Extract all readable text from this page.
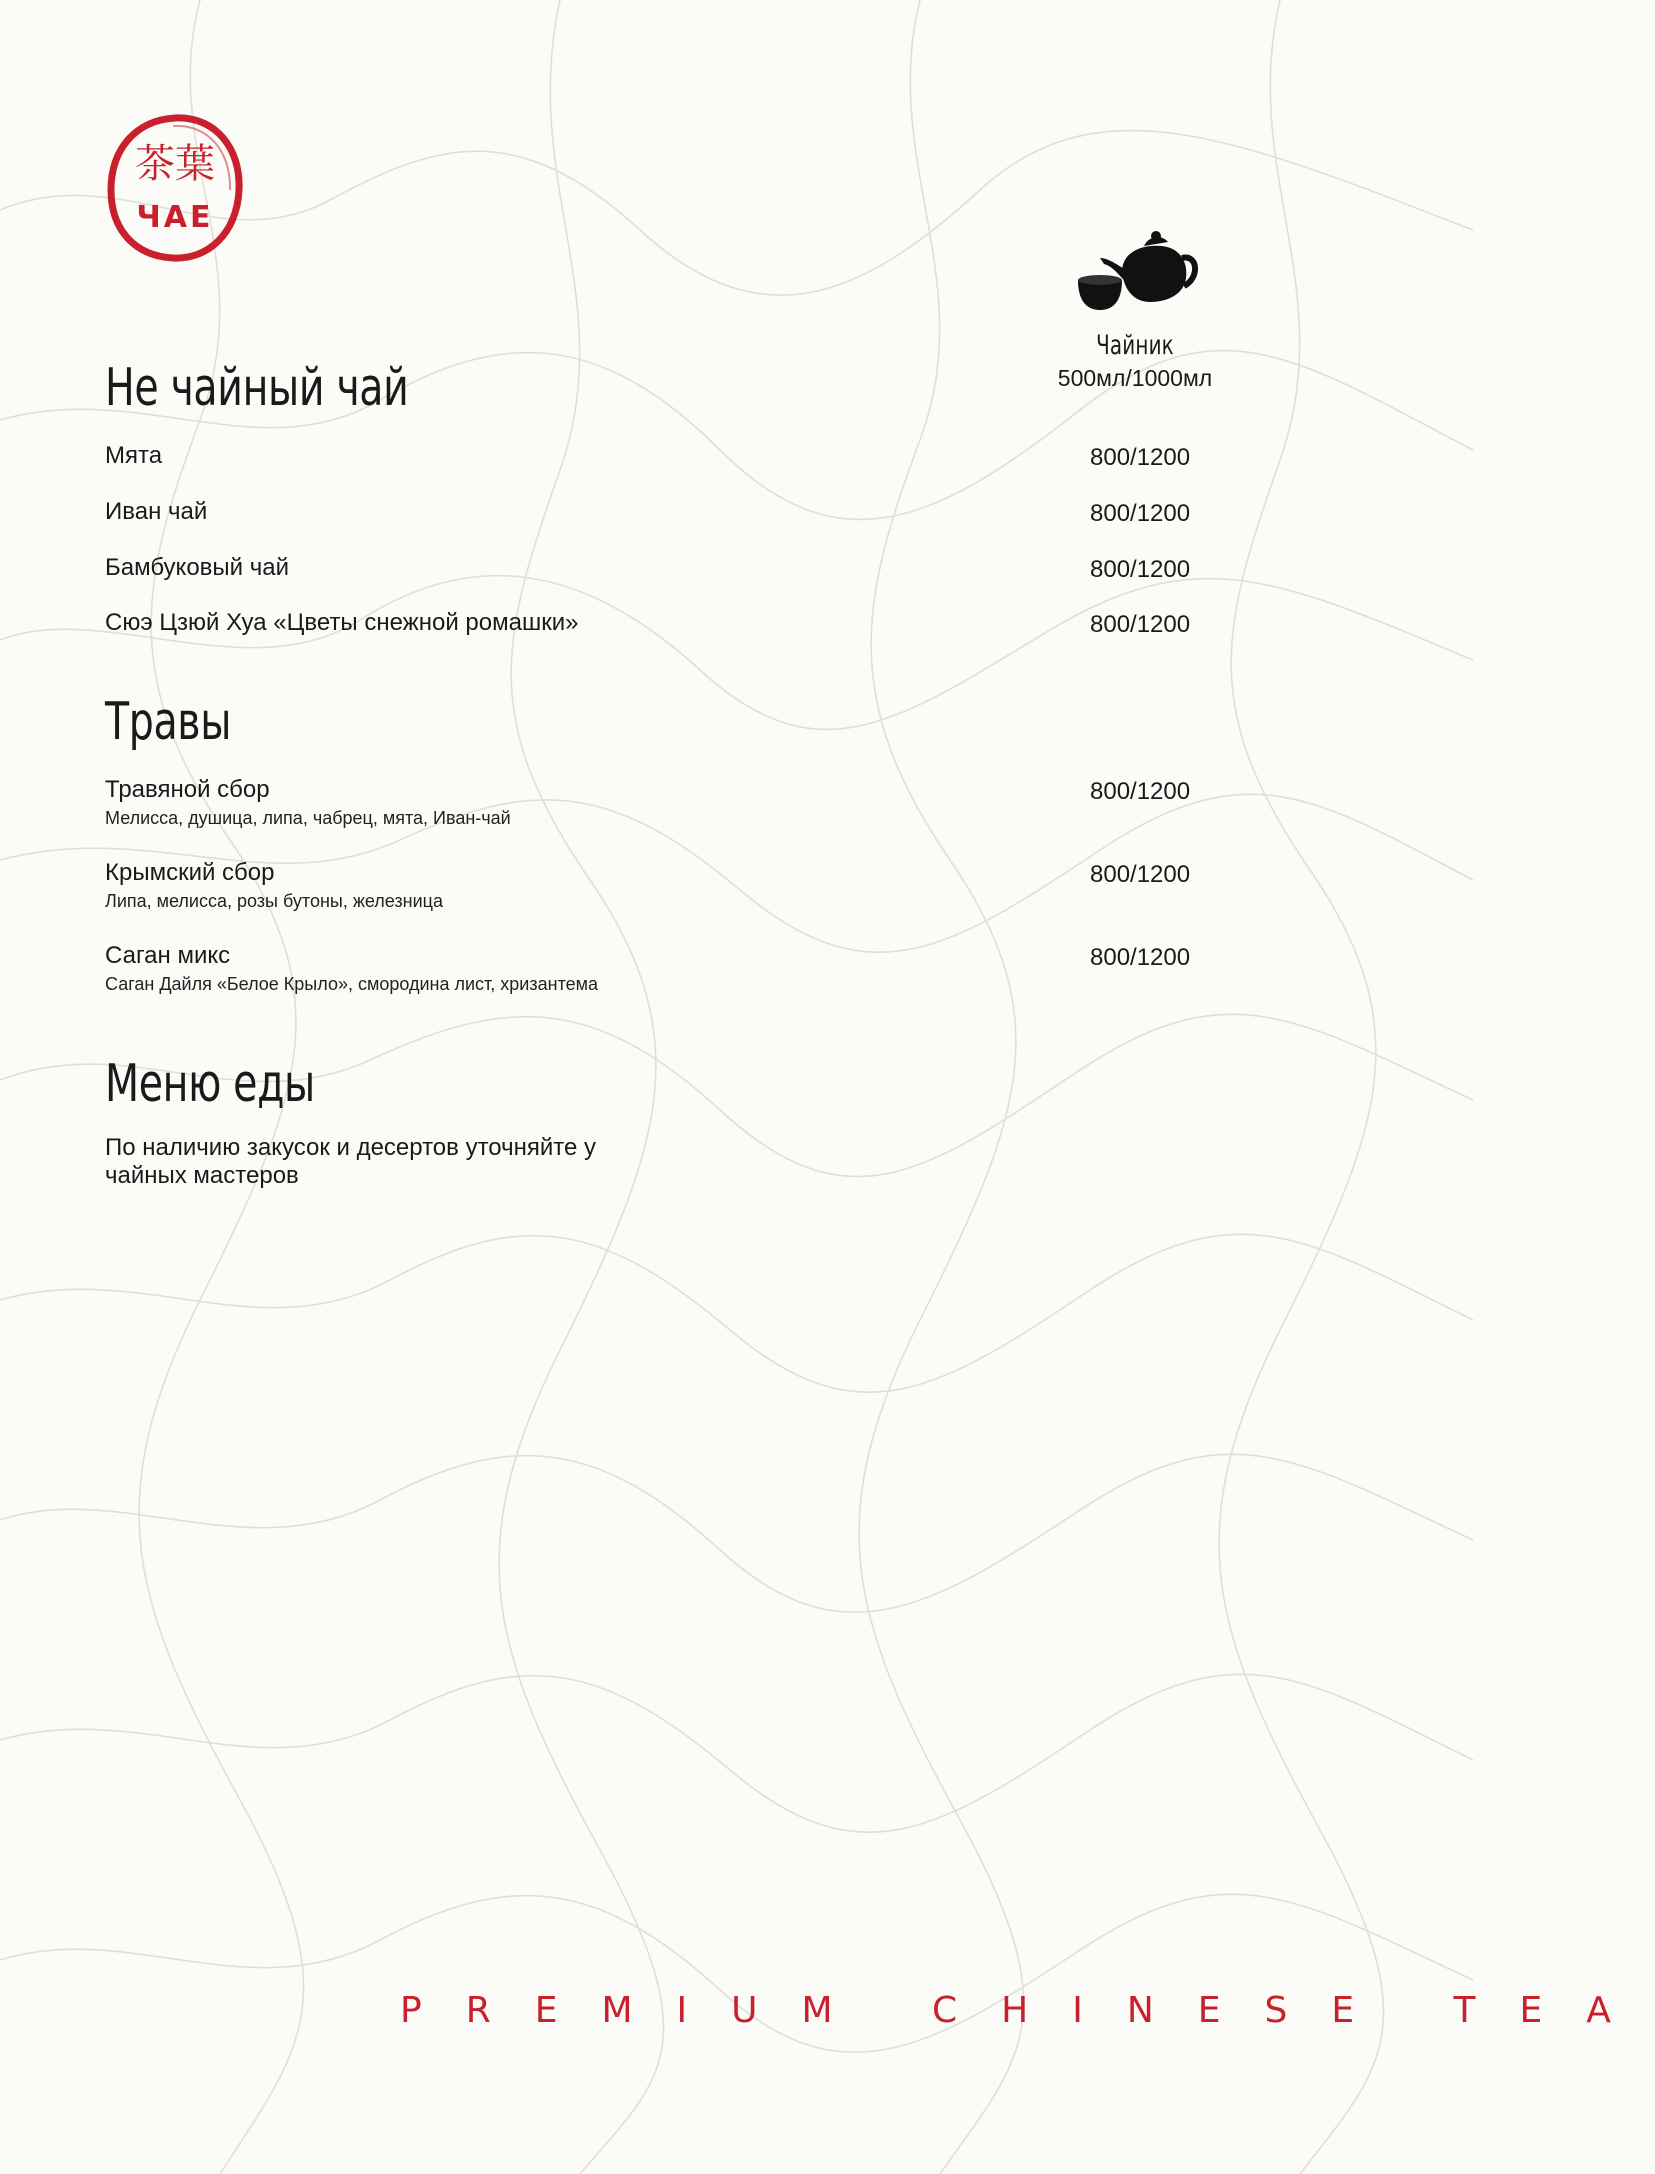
茶葉
ЧАЕ
Чайник
500мл/1000мл
Не чайный чай
Мята	800/1200
Иван чай	800/1200
Бамбуковый чай	800/1200
Сюэ Цзюй Хуа «Цветы снежной ромашки»	800/1200
Травы
Травяной сбор
Мелисса, душица, липа, чабрец, мята, Иван-чай
800/1200
Крымский сбор
Липа, мелисса, розы бутоны, железница
800/1200
Саган микс
Саган Дайля «Белое Крыло», смородина лист, хризантема
800/1200
Меню еды

По наличию закусок и десертов уточняйте у чайных мастеров

PREMIUM CHINESE TEA
